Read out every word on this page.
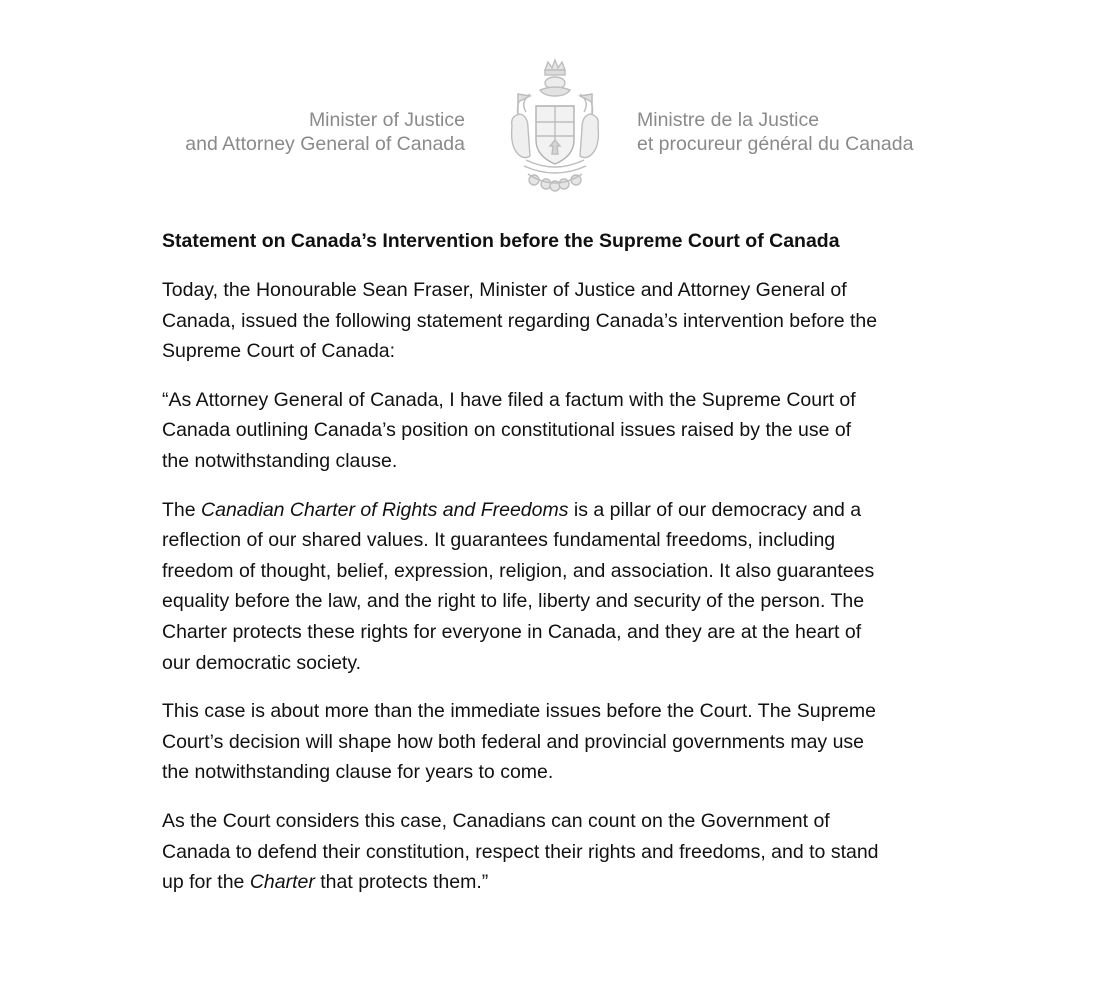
Minister of Justice
and Attorney General of Canada
Ministre de la Justice
et procureur général du Canada
Statement on Canada’s Intervention before the Supreme Court of Canada
Today, the Honourable Sean Fraser, Minister of Justice and Attorney General of
Canada, issued the following statement regarding Canada’s intervention before the
Supreme Court of Canada:
“As Attorney General of Canada, I have filed a factum with the Supreme Court of
Canada outlining Canada’s position on constitutional issues raised by the use of
the notwithstanding clause.
The Canadian Charter of Rights and Freedoms is a pillar of our democracy and a
reflection of our shared values. It guarantees fundamental freedoms, including
freedom of thought, belief, expression, religion, and association. It also guarantees
equality before the law, and the right to life, liberty and security of the person. The
Charter protects these rights for everyone in Canada, and they are at the heart of
our democratic society.
This case is about more than the immediate issues before the Court. The Supreme
Court’s decision will shape how both federal and provincial governments may use
the notwithstanding clause for years to come.
As the Court considers this case, Canadians can count on the Government of
Canada to defend their constitution, respect their rights and freedoms, and to stand
up for the Charter that protects them.”
